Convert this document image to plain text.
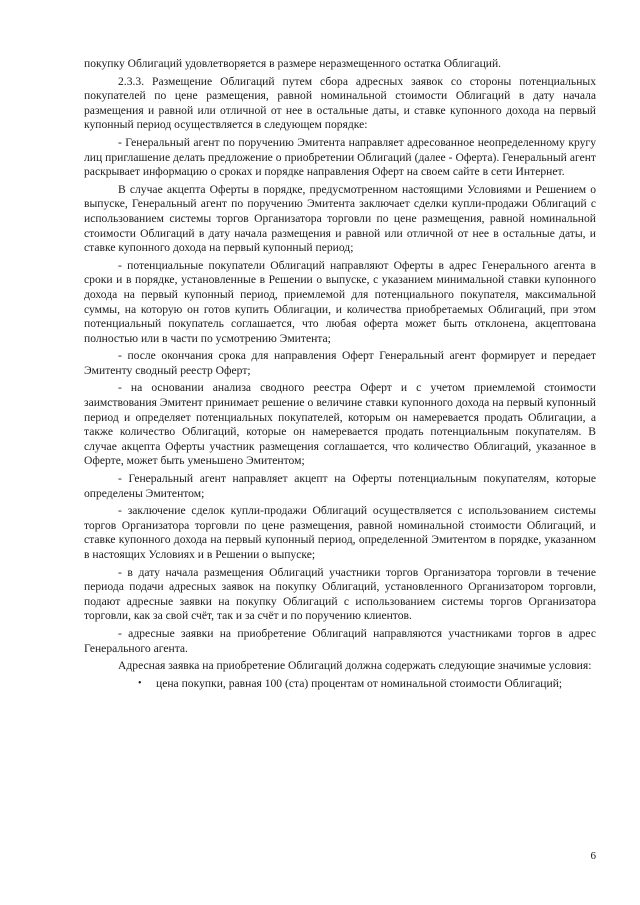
покупку Облигаций удовлетворяется в размере неразмещенного остатка Облигаций.

2.3.3. Размещение Облигаций путем сбора адресных заявок со стороны потенциальных покупателей по цене размещения, равной номинальной стоимости Облигаций в дату начала размещения и равной или отличной от нее в остальные даты, и ставке купонного дохода на первый купонный период осуществляется в следующем порядке:

- Генеральный агент по поручению Эмитента направляет адресованное неопределенному кругу лиц приглашение делать предложение о приобретении Облигаций (далее - Оферта). Генеральный агент раскрывает информацию о сроках и порядке направления Оферт на своем сайте в сети Интернет.

В случае акцепта Оферты в порядке, предусмотренном настоящими Условиями и Решением о выпуске, Генеральный агент по поручению Эмитента заключает сделки купли-продажи Облигаций с использованием системы торгов Организатора торговли по цене размещения, равной номинальной стоимости Облигаций в дату начала размещения и равной или отличной от нее в остальные даты, и ставке купонного дохода на первый купонный период;

- потенциальные покупатели Облигаций направляют Оферты в адрес Генерального агента в сроки и в порядке, установленные в Решении о выпуске, с указанием минимальной ставки купонного дохода на первый купонный период, приемлемой для потенциального покупателя, максимальной суммы, на которую он готов купить Облигации, и количества приобретаемых Облигаций, при этом потенциальный покупатель соглашается, что любая оферта может быть отклонена, акцептована полностью или в части по усмотрению Эмитента;

- после окончания срока для направления Оферт Генеральный агент формирует и передает Эмитенту сводный реестр Оферт;

- на основании анализа сводного реестра Оферт и с учетом приемлемой стоимости заимствования Эмитент принимает решение о величине ставки купонного дохода на первый купонный период и определяет потенциальных покупателей, которым он намеревается продать Облигации, а также количество Облигаций, которые он намеревается продать потенциальным покупателям. В случае акцепта Оферты участник размещения соглашается, что количество Облигаций, указанное в Оферте, может быть уменьшено Эмитентом;

- Генеральный агент направляет акцепт на Оферты потенциальным покупателям, которые определены Эмитентом;

- заключение сделок купли-продажи Облигаций осуществляется с использованием системы торгов Организатора торговли по цене размещения, равной номинальной стоимости Облигаций, и ставке купонного дохода на первый купонный период, определенной Эмитентом в порядке, указанном в настоящих Условиях и в Решении о выпуске;

- в дату начала размещения Облигаций участники торгов Организатора торговли в течение периода подачи адресных заявок на покупку Облигаций, установленного Организатором торговли, подают адресные заявки на покупку Облигаций с использованием системы торгов Организатора торговли, как за свой счёт, так и за счёт и по поручению клиентов.

- адресные заявки на приобретение Облигаций направляются участниками торгов в адрес Генерального агента.

Адресная заявка на приобретение Облигаций должна содержать следующие значимые условия:

•	цена покупки, равная 100 (ста) процентам от номинальной стоимости Облигаций;
6
